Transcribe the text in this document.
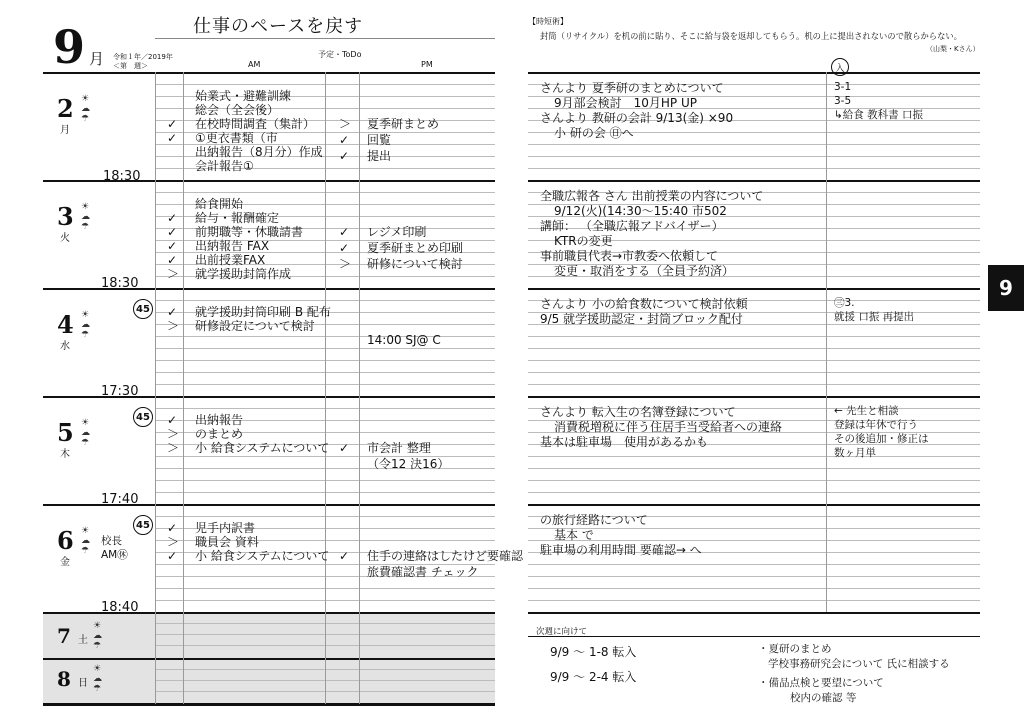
9 月 令和１年／2019年
＜第　週＞
仕事のペースを戻す
予定・ToDo
AM	PM
2
月
☀
☁
☂
18:30
3
火
☀
☁
☂
18:30
4
水
☀
☁
☂
45
17:30
5
木
☀
☁
☂
45
17:40
6
金
☀
☁
☂
45
校長 AM㊡
18:40
7 土
☀
☁
☂
8 日
☀
☁
☂
始業式・避難訓練
総会（全会後）
✓ 在校時間調査（集計）
✓ ①更衣書類（市
出納報告（8月分）作成
会計報告①
＞ 夏季研まとめ
✓ 回覧
✓ 提出
給食開始
✓ 給与・報酬確定
✓ 前期職等・休職請書
✓ 出納報告 FAX
✓ 出前授業FAX
＞ 就学援助封筒作成
✓ レジメ印刷
✓ 夏季研まとめ印刷
＞ 研修について検討
✓ 就学援助封筒印刷 B 配布
＞ 研修設定について検討
14:00 SJ@ C
✓ 出納報告
＞ のまとめ
＞ 小 給食システムについて ✓ 市会計 整理
（令12 決16）
✓ 児手内訳書
＞ 職員会 資料
✓ 小 給食システムについて ✓ 住手の連絡はしたけど要確認
旅費確認書 チェック
【時短術】
封筒（リサイクル）を机の前に貼り、そこに給与袋を返却してもらう。机の上に提出されないので散らからない。
（山梨・Kさん）
入
さんより 夏季研のまとめについて
9月部会検討　10月HP UP
さんより 教研の会計 9/13(金) ×90
小 研の会 ㊐へ
3-1
3-5
↳給食 教科書 口振
全職広報各 さん 出前授業の内容について
9/12(火)(14:30〜15:40 市502
講師： （全職広報アドバイザー）
KTRの変更
事前職員代表→市教委へ依頼して
変更・取消をする（全員予約済）
さんより 小の給食数について検討依頼
9/5 就学援助認定・封筒ブロック配付
㊂3.
就援 口振 再提出
さんより 転入生の名簿登録について
消費税増税に伴う住居手当受給者への連絡
基本は駐車場　使用があるかも
← 先生と相談
登録は年休で行う
その後追加・修正は
数ヶ月単
の旅行経路について
基本 で
駐車場の利用時間 要確認→ へ
次週に向けて
9/9 〜 1-8 転入
9/9 〜 2-4 転入
・夏研のまとめ
学校事務研究会について 氏に相談する
・備品点検と要望について
校内の確認 等
9
